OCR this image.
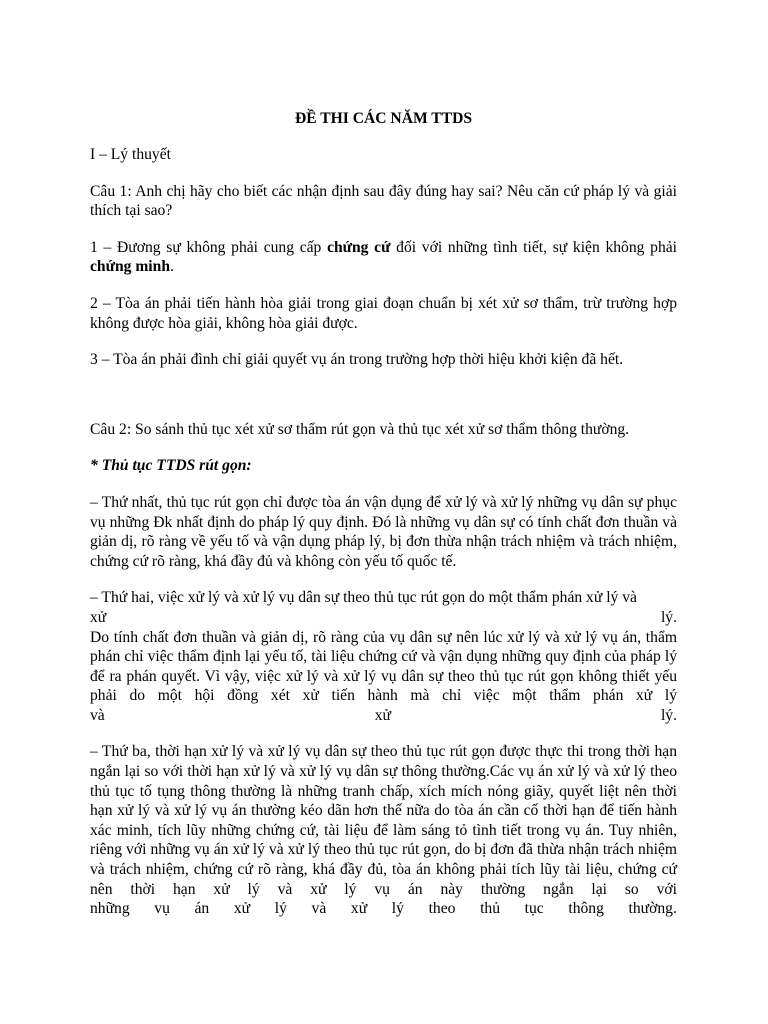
ĐỀ THI CÁC NĂM TTDS
I – Lý thuyết
Câu 1: Anh chị hãy cho biết các nhận định sau đây đúng hay sai? Nêu căn cứ pháp lý và giải thích tại sao?
1 – Đương sự không phải cung cấp chứng cứ đối với những tình tiết, sự kiện không phải chứng minh.
2 – Tòa án phải tiến hành hòa giải trong giai đoạn chuẩn bị xét xử sơ thẩm, trừ trường hợp không được hòa giải, không hòa giải được.
3 – Tòa án phải đình chỉ giải quyết vụ án trong trường hợp thời hiệu khởi kiện đã hết.
Câu 2: So sánh thủ tục xét xử sơ thẩm rút gọn và thủ tục xét xử sơ thẩm thông thường.
* Thủ tục TTDS rút gọn:
– Thứ nhất, thủ tục rút gọn chỉ được tòa án vận dụng để xử lý và xử lý những vụ dân sự phục vụ những Đk nhất định do pháp lý quy định. Đó là những vụ dân sự có tính chất đơn thuần và giản dị, rõ ràng về yếu tố và vận dụng pháp lý, bị đơn thừa nhận trách nhiệm và trách nhiệm, chứng cứ rõ ràng, khá đầy đủ và không còn yếu tố quốc tế.
– Thứ hai, việc xử lý và xử lý vụ dân sự theo thủ tục rút gọn do một thẩm phán xử lý và
xử	lý.
Do tính chất đơn thuần và giản dị, rõ ràng của vụ dân sự nên lúc xử lý và xử lý vụ án, thẩm phán chỉ việc thẩm định lại yếu tố, tài liệu chứng cứ và vận dụng những quy định của pháp lý để ra phán quyết. Vì vậy, việc xử lý và xử lý vụ dân sự theo thủ tục rút gọn không thiết yếu phải do một hội đồng xét xử tiến hành mà chỉ việc một thẩm phán xử lý
và	xử	lý.
– Thứ ba, thời hạn xử lý và xử lý vụ dân sự theo thủ tục rút gọn được thực thi trong thời hạn ngắn lại so với thời hạn xử lý và xử lý vụ dân sự thông thường.Các vụ án xử lý và xử lý theo thủ tục tố tụng thông thường là những tranh chấp, xích mích nóng giãy, quyết liệt nên thời hạn xử lý và xử lý vụ án thường kéo dãn hơn thế nữa do tòa án cần cố thời hạn để tiến hành xác minh, tích lũy những chứng cứ, tài liệu để làm sáng tỏ tình tiết trong vụ án. Tuy nhiên, riêng với những vụ án xử lý và xử lý theo thủ tục rút gọn, do bị đơn đã thừa nhận trách nhiệm và trách nhiệm, chứng cứ rõ ràng, khá đầy đủ, tòa án không phải tích lũy tài liệu, chứng cứ nên thời hạn xử lý và xử lý vụ án này thường ngắn lại so với
những vụ án xử lý và xử lý theo thủ tục thông thường.
